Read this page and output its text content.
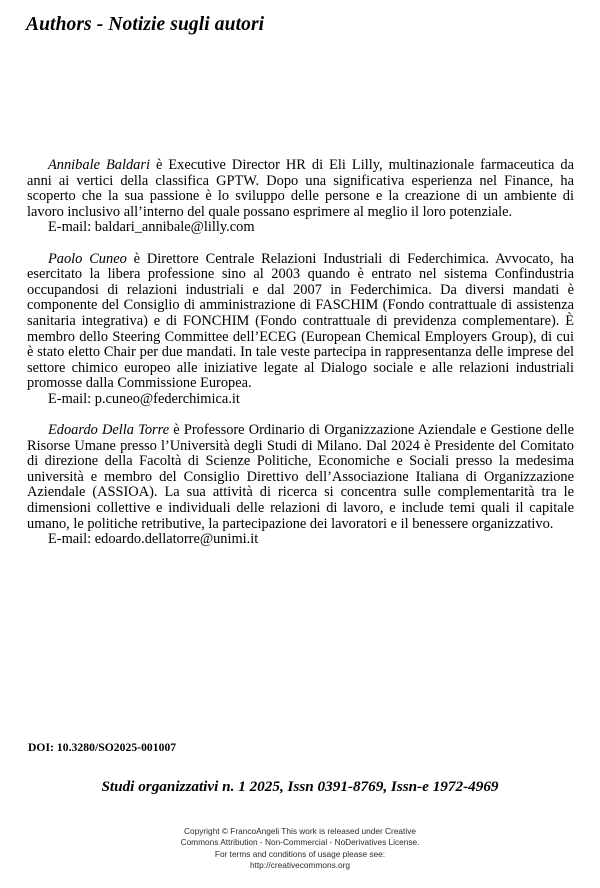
Authors - Notizie sugli autori

Annibale Baldari è Executive Director HR di Eli Lilly, multinazionale farmaceutica da anni ai vertici della classifica GPTW. Dopo una significativa esperienza nel Finance, ha scoperto che la sua passione è lo sviluppo delle persone e la creazione di un ambiente di lavoro inclusivo all’interno del quale possano esprimere al meglio il loro potenziale.

E-mail: baldari_annibale@lilly.com

Paolo Cuneo è Direttore Centrale Relazioni Industriali di Federchimica. Avvocato, ha esercitato la libera professione sino al 2003 quando è entrato nel sistema Confindustria occupandosi di relazioni industriali e dal 2007 in Federchimica. Da diversi mandati è componente del Consiglio di amministrazione di FASCHIM (Fondo contrattuale di assistenza sanitaria integrativa) e di FONCHIM (Fondo contrattuale di previdenza complementare). È membro dello Steering Committee dell’ECEG (European Chemical Employers Group), di cui è stato eletto Chair per due mandati. In tale veste partecipa in rappresentanza delle imprese del settore chimico europeo alle iniziative legate al Dialogo sociale e alle relazioni industriali promosse dalla Commissione Europea.

E-mail: p.cuneo@federchimica.it

Edoardo Della Torre è Professore Ordinario di Organizzazione Aziendale e Gestione delle Risorse Umane presso l’Università degli Studi di Milano. Dal 2024 è Presidente del Comitato di direzione della Facoltà di Scienze Politiche, Economiche e Sociali presso la medesima università e membro del Consiglio Direttivo dell’Associazione Italiana di Organizzazione Aziendale (ASSIOA). La sua attività di ricerca si concentra sulle complementarità tra le dimensioni collettive e individuali delle relazioni di lavoro, e include temi quali il capitale umano, le politiche retributive, la partecipazione dei lavoratori e il benessere organizzativo.

E-mail: edoardo.dellatorre@unimi.it

DOI: 10.3280/SO2025-001007
Studi organizzativi n. 1 2025, Issn 0391-8769, Issn-e 1972-4969
Copyright © FrancoAngeli This work is released under Creative
Commons Attribution - Non-Commercial - NoDerivatives License.
For terms and conditions of usage please see:
http://creativecommons.org
